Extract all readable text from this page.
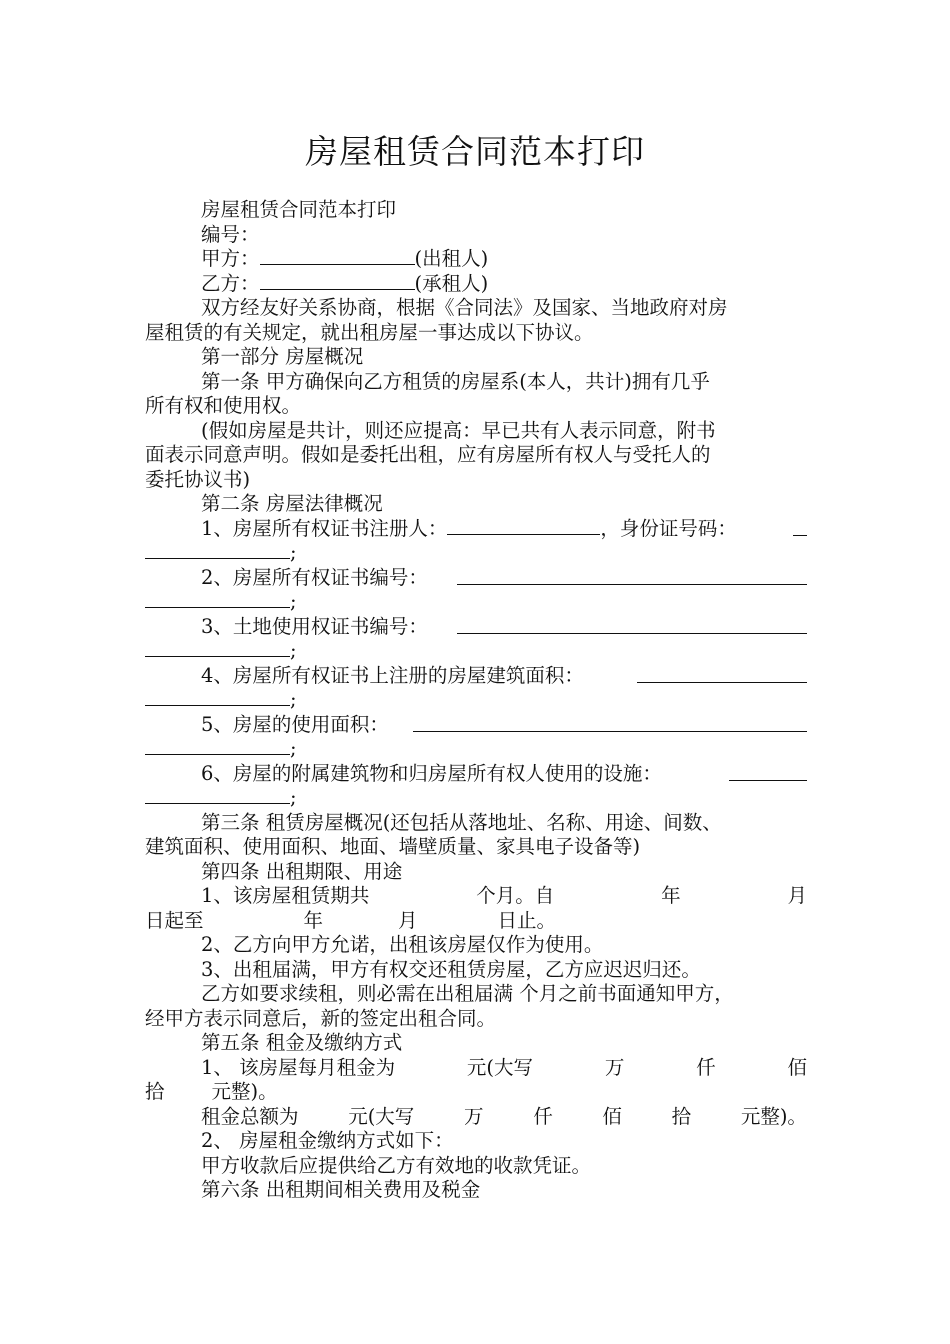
房屋租赁合同范本打印
房屋租赁合同范本打印
编号：
甲方：	(出租人)
乙方：	(承租人)
双方经友好关系协商，根据《合同法》及国家、当地政府对房
屋租赁的有关规定，就出租房屋一事达成以下协议。
第一部分 房屋概况
第一条 甲方确保向乙方租赁的房屋系(本人，共计)拥有几乎
所有权和使用权。
(假如房屋是共计，则还应提高：早已共有人表示同意，附书
面表示同意声明。假如是委托出租，应有房屋所有权人与受托人的
委托协议书)
第二条 房屋法律概况
1、房屋所有权证书注册人：	，身份证号码：
;
2、房屋所有权证书编号：
;
3、土地使用权证书编号：
;
4、房屋所有权证书上注册的房屋建筑面积：
;
5、房屋的使用面积：
;
6、房屋的附属建筑物和归房屋所有权人使用的设施：
;
第三条 租赁房屋概况(还包括从落地址、名称、用途、间数、
建筑面积、使用面积、地面、墙壁质量、家具电子设备等)
第四条 出租期限、用途
1、该房屋租赁期共	个月。自	年	月
日起至	年	月	日止。
2、乙方向甲方允诺，出租该房屋仅作为使用。
3、出租届满，甲方有权交还租赁房屋，乙方应迟迟归还。
乙方如要求续租，则必需在出租届满 个月之前书面通知甲方，
经甲方表示同意后，新的签定出租合同。
第五条 租金及缴纳方式
1、 该房屋每月租金为	元(大写	万	仟	佰
拾 元整)。
租金总额为	元(大写	万	仟	佰	拾	元整)。
2、 房屋租金缴纳方式如下：
甲方收款后应提供给乙方有效地的收款凭证。
第六条 出租期间相关费用及税金
